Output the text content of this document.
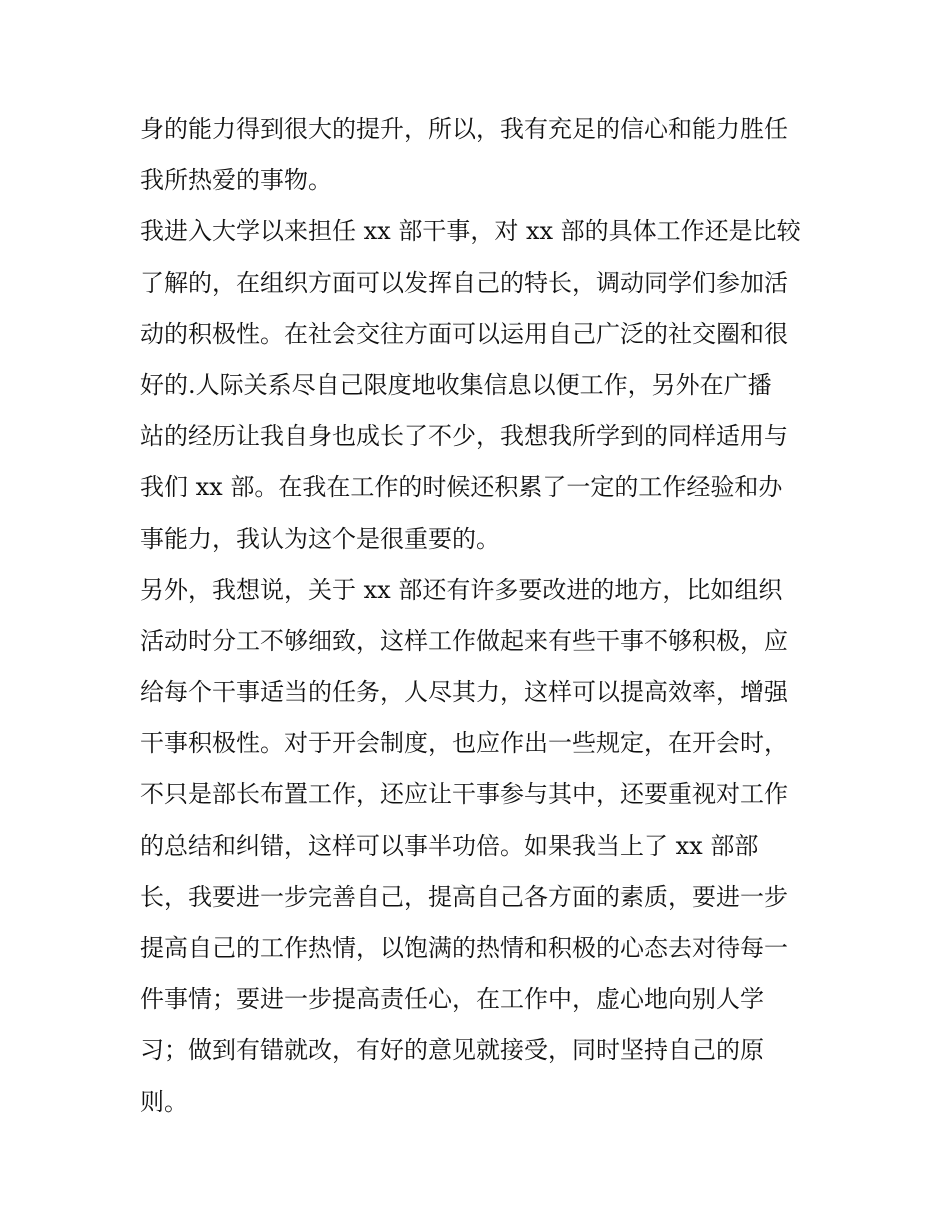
身的能力得到很大的提升，所以，我有充足的信心和能力胜任
我所热爱的事物。
我进入大学以来担任 xx 部干事，对 xx 部的具体工作还是比较
了解的，在组织方面可以发挥自己的特长，调动同学们参加活
动的积极性。在社会交往方面可以运用自己广泛的社交圈和很
好的.人际关系尽自己限度地收集信息以便工作，另外在广播
站的经历让我自身也成长了不少，我想我所学到的同样适用与
我们 xx 部。在我在工作的时候还积累了一定的工作经验和办
事能力，我认为这个是很重要的。
另外，我想说，关于 xx 部还有许多要改进的地方，比如组织
活动时分工不够细致，这样工作做起来有些干事不够积极，应
给每个干事适当的任务，人尽其力，这样可以提高效率，增强
干事积极性。对于开会制度，也应作出一些规定，在开会时，
不只是部长布置工作，还应让干事参与其中，还要重视对工作
的总结和纠错，这样可以事半功倍。如果我当上了 xx 部部
长，我要进一步完善自己，提高自己各方面的素质，要进一步
提高自己的工作热情，以饱满的热情和积极的心态去对待每一
件事情；要进一步提高责任心，在工作中，虚心地向别人学
习；做到有错就改，有好的意见就接受，同时坚持自己的原
则。
